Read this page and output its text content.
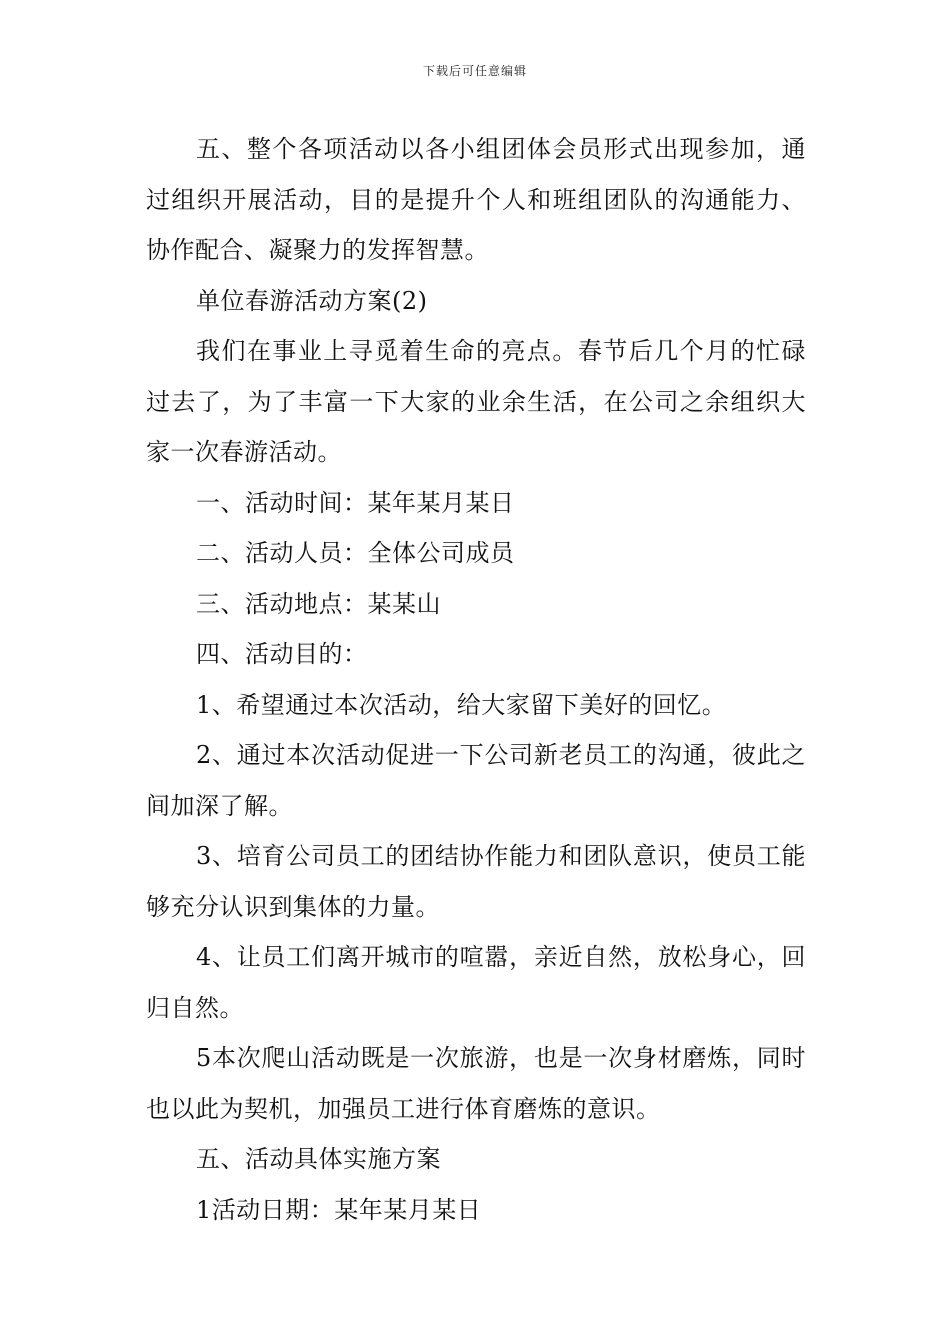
下载后可任意编辑

五、整个各项活动以各小组团体会员形式出现参加，通过组织开展活动，目的是提升个人和班组团队的沟通能力、协作配合、凝聚力的发挥智慧。

单位春游活动方案(2)

我们在事业上寻觅着生命的亮点。春节后几个月的忙碌过去了，为了丰富一下大家的业余生活，在公司之余组织大家一次春游活动。

一、活动时间：某年某月某日

二、活动人员：全体公司成员

三、活动地点：某某山

四、活动目的：

1、希望通过本次活动，给大家留下美好的回忆。

2、通过本次活动促进一下公司新老员工的沟通，彼此之间加深了解。

3、培育公司员工的团结协作能力和团队意识，使员工能够充分认识到集体的力量。

4、让员工们离开城市的喧嚣，亲近自然，放松身心，回归自然。

5本次爬山活动既是一次旅游，也是一次身材磨炼，同时也以此为契机，加强员工进行体育磨炼的意识。

五、活动具体实施方案

1活动日期：某年某月某日
